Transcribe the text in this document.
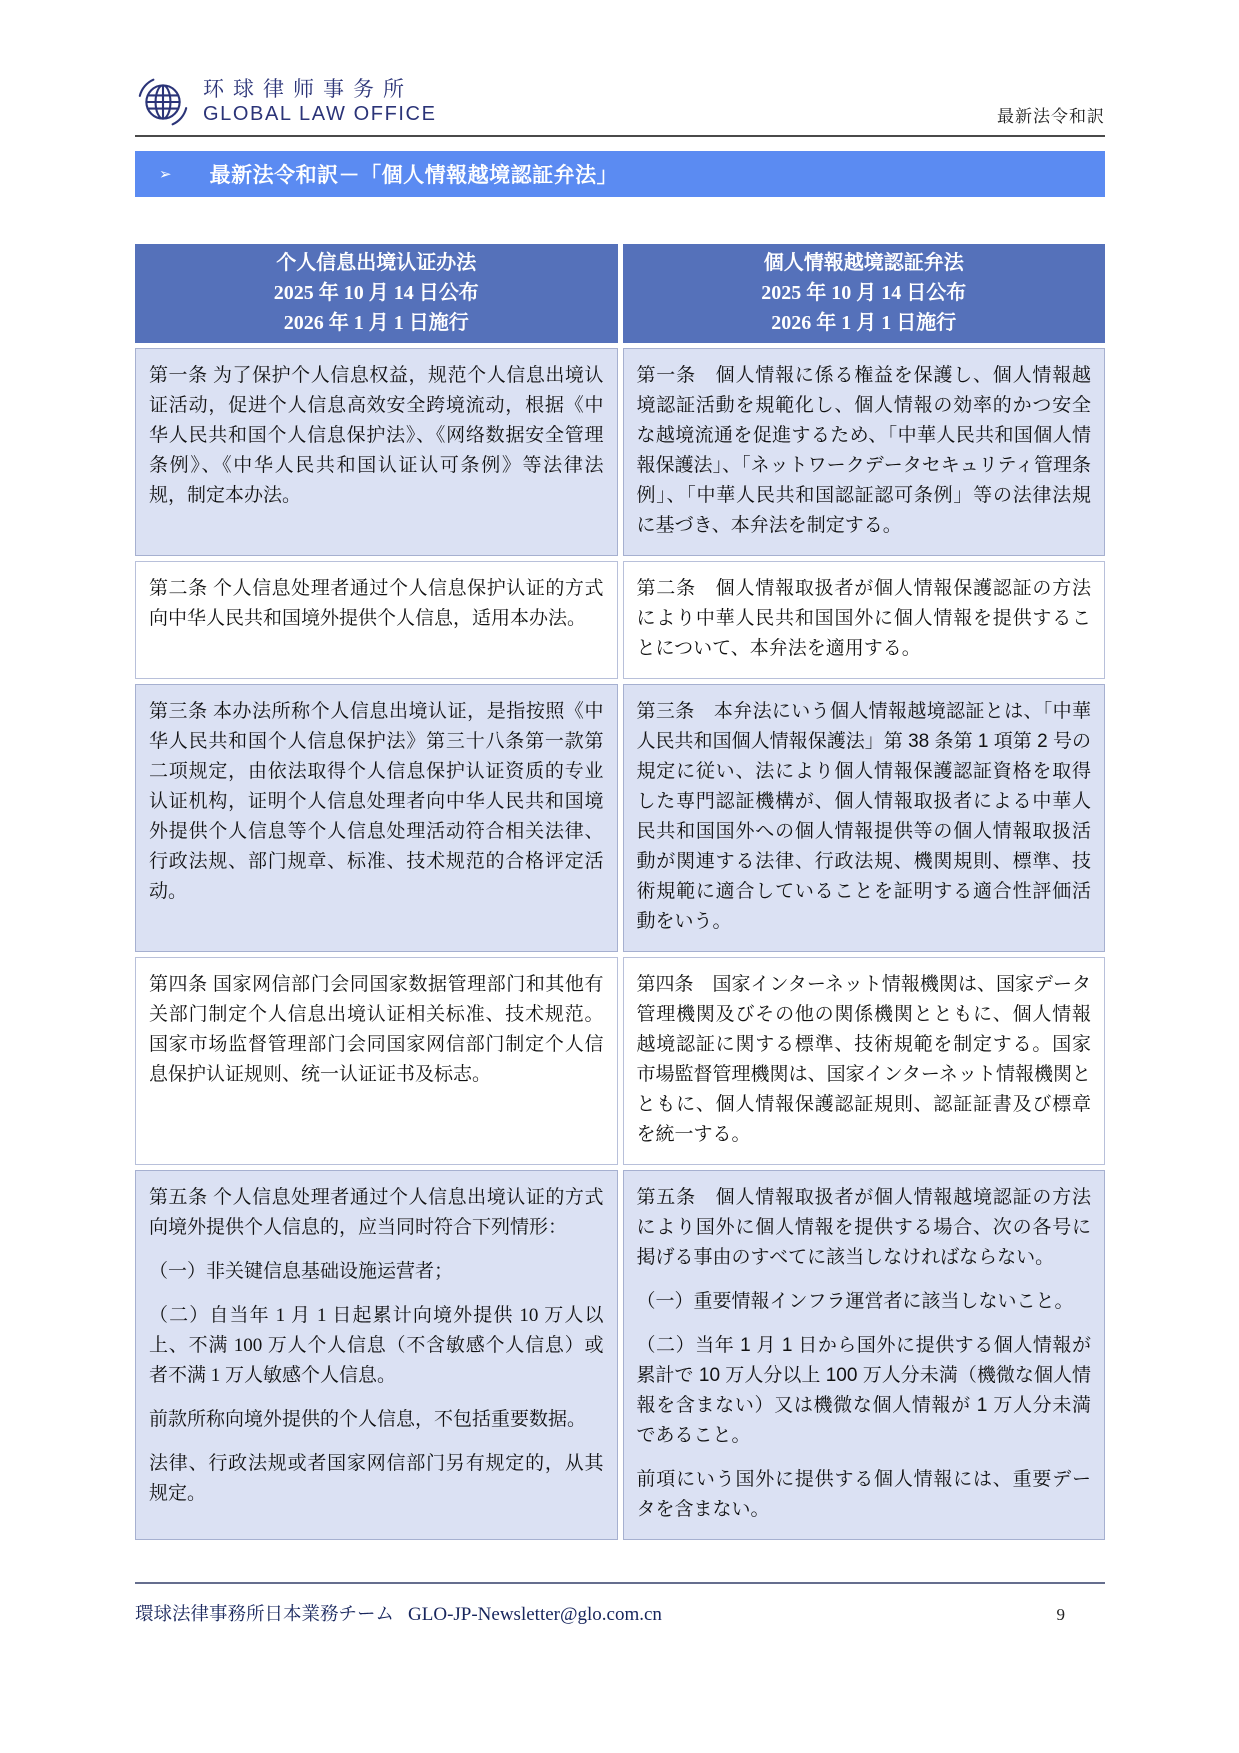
环球律师事务所
GLOBAL LAW OFFICE	最新法令和訳
➢ 最新法令和訳－「個人情報越境認証弁法」
个人信息出境认证办法
2025 年 10 月 14 日公布
2026 年 1 月 1 日施行
個人情報越境認証弁法
2025 年 10 月 14 日公布
2026 年 1 月 1 日施行

第一条 为了保护个人信息权益，规范个人信息出境认证活动，促进个人信息高效安全跨境流动，根据《中华人民共和国个人信息保护法》、《网络数据安全管理条例》、《中华人民共和国认证认可条例》等法律法规，制定本办法。

第一条　個人情報に係る権益を保護し、個人情報越境認証活動を規範化し、個人情報の効率的かつ安全な越境流通を促進するため、「中華人民共和国個人情報保護法」、「ネットワークデータセキュリティ管理条例」、「中華人民共和国認証認可条例」等の法律法規に基づき、本弁法を制定する。

第二条 个人信息处理者通过个人信息保护认证的方式向中华人民共和国境外提供个人信息，适用本办法。

第二条　個人情報取扱者が個人情報保護認証の方法により中華人民共和国国外に個人情報を提供することについて、本弁法を適用する。

第三条 本办法所称个人信息出境认证，是指按照《中华人民共和国个人信息保护法》第三十八条第一款第二项规定，由依法取得个人信息保护认证资质的专业认证机构，证明个人信息处理者向中华人民共和国境外提供个人信息等个人信息处理活动符合相关法律、行政法规、部门规章、标准、技术规范的合格评定活动。

第三条　本弁法にいう個人情報越境認証とは、「中華人民共和国個人情報保護法」第 38 条第 1 項第 2 号の規定に従い、法により個人情報保護認証資格を取得した専門認証機構が、個人情報取扱者による中華人民共和国国外への個人情報提供等の個人情報取扱活動が関連する法律、行政法規、機関規則、標準、技術規範に適合していることを証明する適合性評価活動をいう。

第四条 国家网信部门会同国家数据管理部门和其他有关部门制定个人信息出境认证相关标准、技术规范。国家市场监督管理部门会同国家网信部门制定个人信息保护认证规则、统一认证证书及标志。

第四条　国家インターネット情報機関は、国家データ管理機関及びその他の関係機関とともに、個人情報越境認証に関する標準、技術規範を制定する。国家市場監督管理機関は、国家インターネット情報機関とともに、個人情報保護認証規則、認証証書及び標章を統一する。

第五条 个人信息处理者通过个人信息出境认证的方式向境外提供个人信息的，应当同时符合下列情形：

（一）非关键信息基础设施运营者；

（二）自当年 1 月 1 日起累计向境外提供 10 万人以上、不满 100 万人个人信息（不含敏感个人信息）或者不满 1 万人敏感个人信息。

前款所称向境外提供的个人信息，不包括重要数据。

法律、行政法规或者国家网信部门另有规定的，从其规定。

第五条　個人情報取扱者が個人情報越境認証の方法により国外に個人情報を提供する場合、次の各号に掲げる事由のすべてに該当しなければならない。

（一）重要情報インフラ運営者に該当しないこと。

（二）当年 1 月 1 日から国外に提供する個人情報が累計で 10 万人分以上 100 万人分未満（機微な個人情報を含まない）又は機微な個人情報が 1 万人分未満であること。

前項にいう国外に提供する個人情報には、重要データを含まない。

環球法律事務所日本業務チーム GLO-JP-Newsletter@glo.com.cn	9
